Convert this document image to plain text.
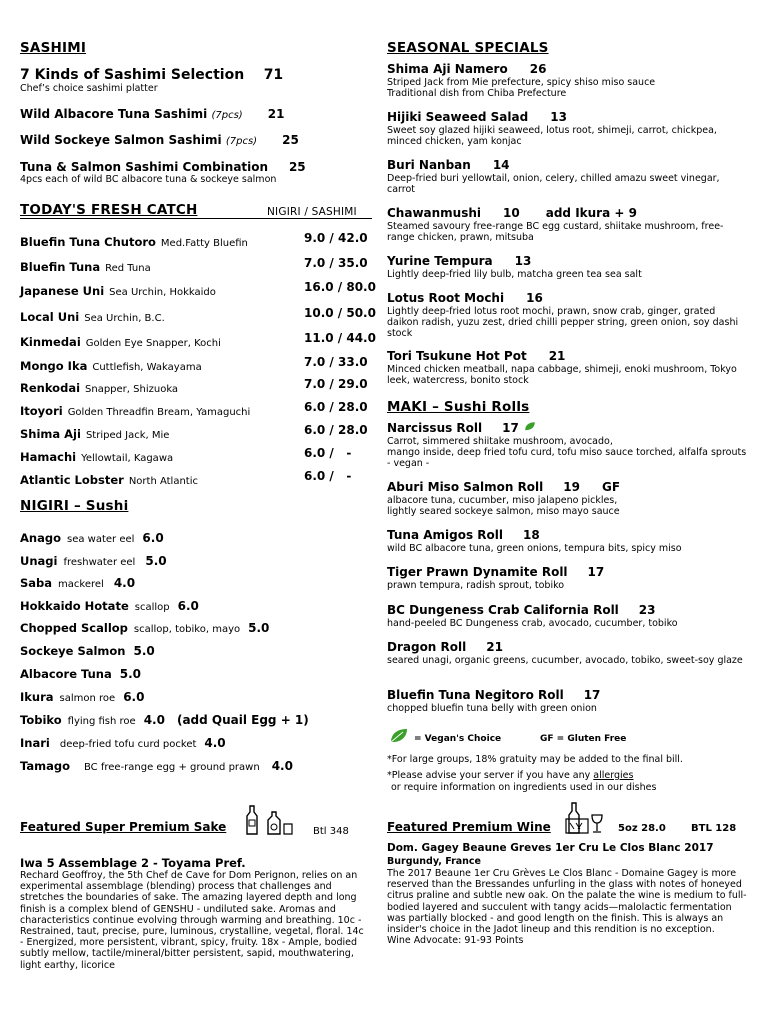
SASHIMI
7 Kinds of Sashimi Selection 71
Chef’s choice sashimi platter
Wild Albacore Tuna Sashimi (7pcs) 21
Wild Sockeye Salmon Sashimi (7pcs) 25
Tuna & Salmon Sashimi Combination 25
4pcs each of wild BC albacore tuna & sockeye salmon
TODAY'S FRESH CATCH	NIGIRI / SASHIMI
Bluefin Tuna Chutoro Med.Fatty Bluefin	9.0 / 42.0
Bluefin Tuna Red Tuna	7.0 / 35.0
Japanese Uni Sea Urchin, Hokkaido	16.0 / 80.0
Local Uni Sea Urchin, B.C.	10.0 / 50.0
Kinmedai Golden Eye Snapper, Kochi	11.0 / 44.0
Mongo Ika Cuttlefish, Wakayama	7.0 / 33.0
Renkodai Snapper, Shizuoka	7.0 / 29.0
Itoyori Golden Threadfin Bream, Yamaguchi	6.0 / 28.0
Shima Aji Striped Jack, Mie	6.0 / 28.0
Hamachi Yellowtail, Kagawa	6.0 /   -
Atlantic Lobster North Atlantic	6.0 /   -
NIGIRI – Sushi
Anago sea water eel 6.0
Unagi freshwater eel 5.0
Saba mackerel 4.0
Hokkaido Hotate scallop 6.0
Chopped Scallop scallop, tobiko, mayo 5.0
Sockeye Salmon 5.0
Albacore Tuna 5.0
Ikura salmon roe 6.0
Tobiko flying fish roe 4.0 (add Quail Egg + 1)
Inari deep-fried tofu curd pocket 4.0
Tamago BC free-range egg + ground prawn 4.0
Featured Super Premium Sake	Btl 348
Iwa 5 Assemblage 2 - Toyama Pref.
Rechard Geoffroy, the 5th Chef de Cave for Dom Perignon, relies on an experimental assemblage (blending) process that challenges and stretches the boundaries of sake. The amazing layered depth and long finish is a complex blend of GENSHU - undiluted sake. Aromas and characteristics continue evolving through warming and breathing. 10c - Restrained, taut, precise, pure, luminous, crystalline, vegetal, floral. 14c - Energized, more persistent, vibrant, spicy, fruity. 18x - Ample, bodied subtly mellow, tactile/mineral/bitter persistent, sapid, mouthwatering, light earthy, licorice
SEASONAL SPECIALS
Shima Aji Namero 26
Striped Jack from Mie prefecture, spicy shiso miso sauce
Traditional dish from Chiba Prefecture
Hijiki Seaweed Salad 13
Sweet soy glazed hijiki seaweed, lotus root, shimeji, carrot, chickpea, minced chicken, yam konjac
Buri Nanban 14
Deep-fried buri yellowtail, onion, celery, chilled amazu sweet vinegar, carrot
Chawanmushi 10 add Ikura + 9
Steamed savoury free-range BC egg custard, shiitake mushroom, free-range chicken, prawn, mitsuba
Yurine Tempura 13
Lightly deep-fried lily bulb, matcha green tea sea salt
Lotus Root Mochi 16
Lightly deep-fried lotus root mochi, prawn, snow crab, ginger, grated daikon radish, yuzu zest, dried chilli pepper string, green onion, soy dashi stock
Tori Tsukune Hot Pot 21
Minced chicken meatball, napa cabbage, shimeji, enoki mushroom, Tokyo leek, watercress, bonito stock
MAKI – Sushi Rolls
Narcissus Roll 17
Carrot, simmered shiitake mushroom, avocado,
mango inside, deep fried tofu curd, tofu miso sauce torched, alfalfa sprouts - vegan -
Aburi Miso Salmon Roll 19 GF
albacore tuna, cucumber, miso jalapeno pickles,
lightly seared sockeye salmon, miso mayo sauce
Tuna Amigos Roll 18
wild BC albacore tuna, green onions, tempura bits, spicy miso
Tiger Prawn Dynamite Roll 17
prawn tempura, radish sprout, tobiko
BC Dungeness Crab California Roll 23
hand-peeled BC Dungeness crab, avocado, cucumber, tobiko
Dragon Roll 21
seared unagi, organic greens, cucumber, avocado, tobiko, sweet-soy glaze
Bluefin Tuna Negitoro Roll 17
chopped bluefin tuna belly with green onion
= Vegan's Choice	GF = Gluten Free
*For large groups, 18% gratuity may be added to the final bill.
*Please advise your server if you have any allergies
or require information on ingredients used in our dishes
Featured Premium Wine	5oz 28.0	BTL 128
Dom. Gagey Beaune Greves 1er Cru Le Clos Blanc 2017
Burgundy, France
The 2017 Beaune 1er Cru Grèves Le Clos Blanc - Domaine Gagey is more reserved than the Bressandes unfurling in the glass with notes of honeyed citrus praline and subtle new oak. On the palate the wine is medium to full-bodied layered and succulent with tangy acids—malolactic fermentation was partially blocked - and good length on the finish. This is always an insider's choice in the Jadot lineup and this rendition is no exception.
Wine Advocate: 91-93 Points
